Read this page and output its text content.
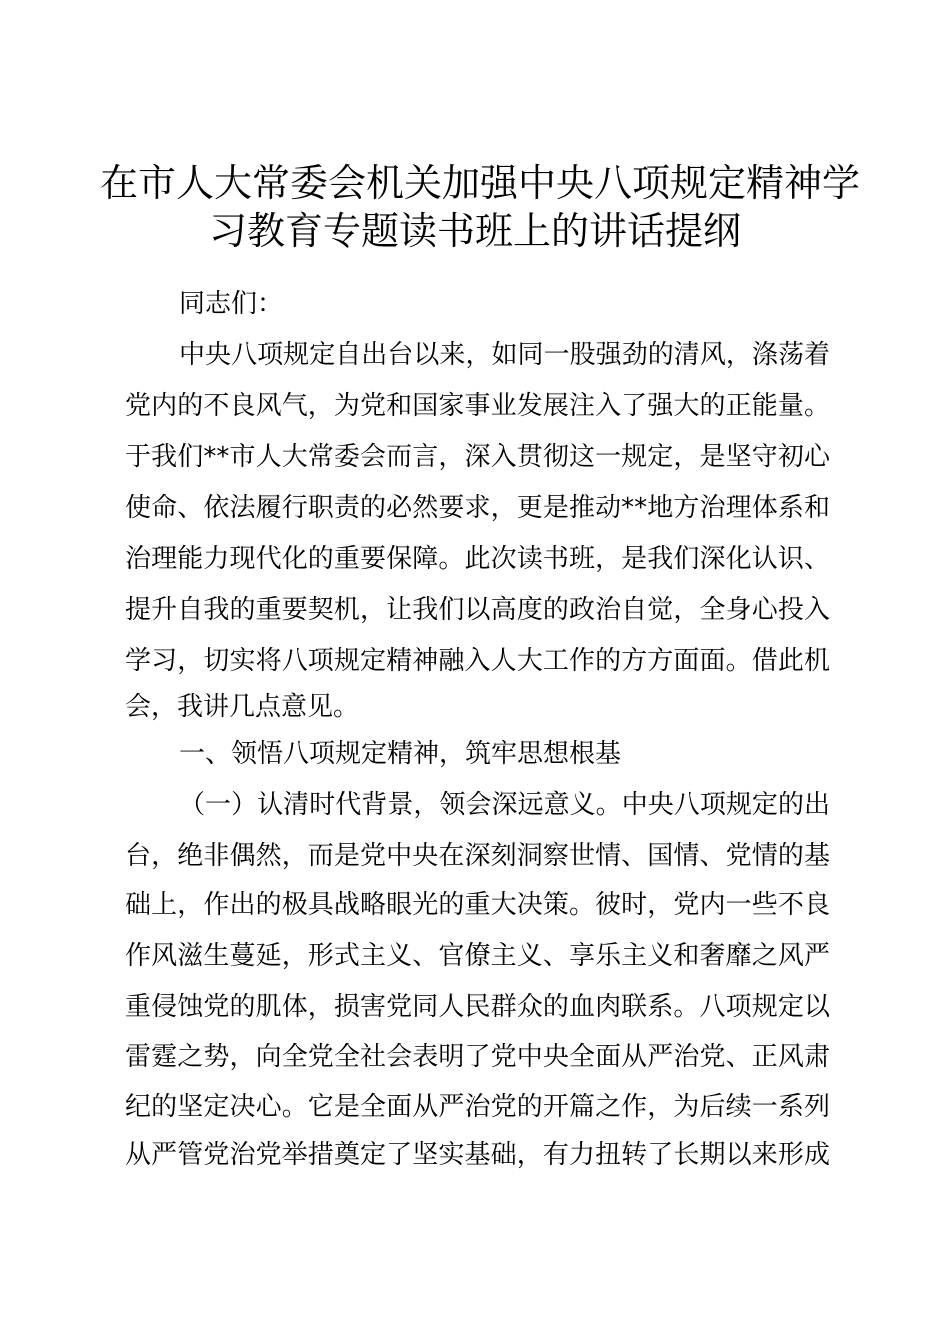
在市人大常委会机关加强中央八项规定精神学
习教育专题读书班上的讲话提纲

同志们：

中央八项规定自出台以来，如同一股强劲的清风，涤荡着

党内的不良风气，为党和国家事业发展注入了强大的正能量。

于我们**市人大常委会而言，深入贯彻这一规定，是坚守初心

使命、依法履行职责的必然要求，更是推动**地方治理体系和

治理能力现代化的重要保障。此次读书班，是我们深化认识、

提升自我的重要契机，让我们以高度的政治自觉，全身心投入

学习，切实将八项规定精神融入人大工作的方方面面。借此机

会，我讲几点意见。

一、领悟八项规定精神，筑牢思想根基

（一）认清时代背景，领会深远意义。中央八项规定的出

台，绝非偶然，而是党中央在深刻洞察世情、国情、党情的基

础上，作出的极具战略眼光的重大决策。彼时，党内一些不良

作风滋生蔓延，形式主义、官僚主义、享乐主义和奢靡之风严

重侵蚀党的肌体，损害党同人民群众的血肉联系。八项规定以

雷霆之势，向全党全社会表明了党中央全面从严治党、正风肃

纪的坚定决心。它是全面从严治党的开篇之作，为后续一系列

从严管党治党举措奠定了坚实基础，有力扭转了长期以来形成
